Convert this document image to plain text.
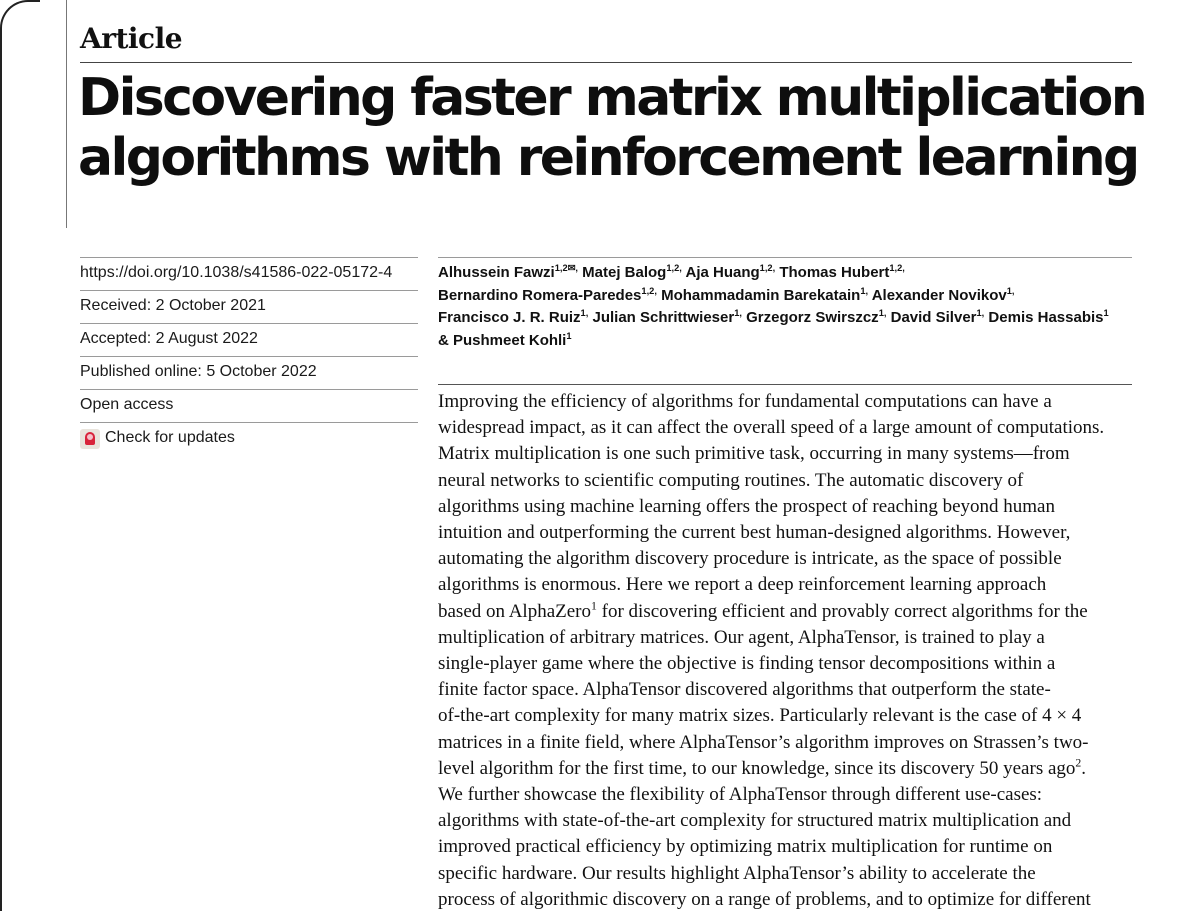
Article
Discovering faster matrix multiplication
algorithms with reinforcement learning
https://doi.org/10.1038/s41586-022-05172-4
Received: 2 October 2021
Accepted: 2 August 2022
Published online: 5 October 2022
Open access
Check for updates
Alhussein Fawzi$^{1,2✉,}$ Matej Balog$^{1,2,}$ Aja Huang$^{1,2,}$ Thomas Hubert$^{1,2,}$
Bernardino Romera-Paredes$^{1,2,}$ Mohammadamin Barekatain$^{1,}$ Alexander Novikov$^{1,}$
Francisco J. R. Ruiz$^{1,}$ Julian Schrittwieser$^{1,}$ Grzegorz Swirszcz$^{1,}$ David Silver$^{1,}$ Demis Hassabis$^1$
& Pushmeet Kohli$^1$
Improving the efficiency of algorithms for fundamental computations can have a
widespread impact, as it can affect the overall speed of a large amount of computations.
Matrix multiplication is one such primitive task, occurring in many systems—from
neural networks to scientific computing routines. The automatic discovery of
algorithms using machine learning offers the prospect of reaching beyond human
intuition and outperforming the current best human-designed algorithms. However,
automating the algorithm discovery procedure is intricate, as the space of possible
algorithms is enormous. Here we report a deep reinforcement learning approach
based on AlphaZero$^1$ for discovering efficient and provably correct algorithms for the
multiplication of arbitrary matrices. Our agent, AlphaTensor, is trained to play a
single-player game where the objective is finding tensor decompositions within a
finite factor space. AlphaTensor discovered algorithms that outperform the state-
of-the-art complexity for many matrix sizes. Particularly relevant is the case of 4 × 4
matrices in a finite field, where AlphaTensor’s algorithm improves on Strassen’s two-
level algorithm for the first time, to our knowledge, since its discovery 50 years ago$^2$.
We further showcase the flexibility of AlphaTensor through different use-cases:
algorithms with state-of-the-art complexity for structured matrix multiplication and
improved practical efficiency by optimizing matrix multiplication for runtime on
specific hardware. Our results highlight AlphaTensor’s ability to accelerate the
process of algorithmic discovery on a range of problems, and to optimize for different
